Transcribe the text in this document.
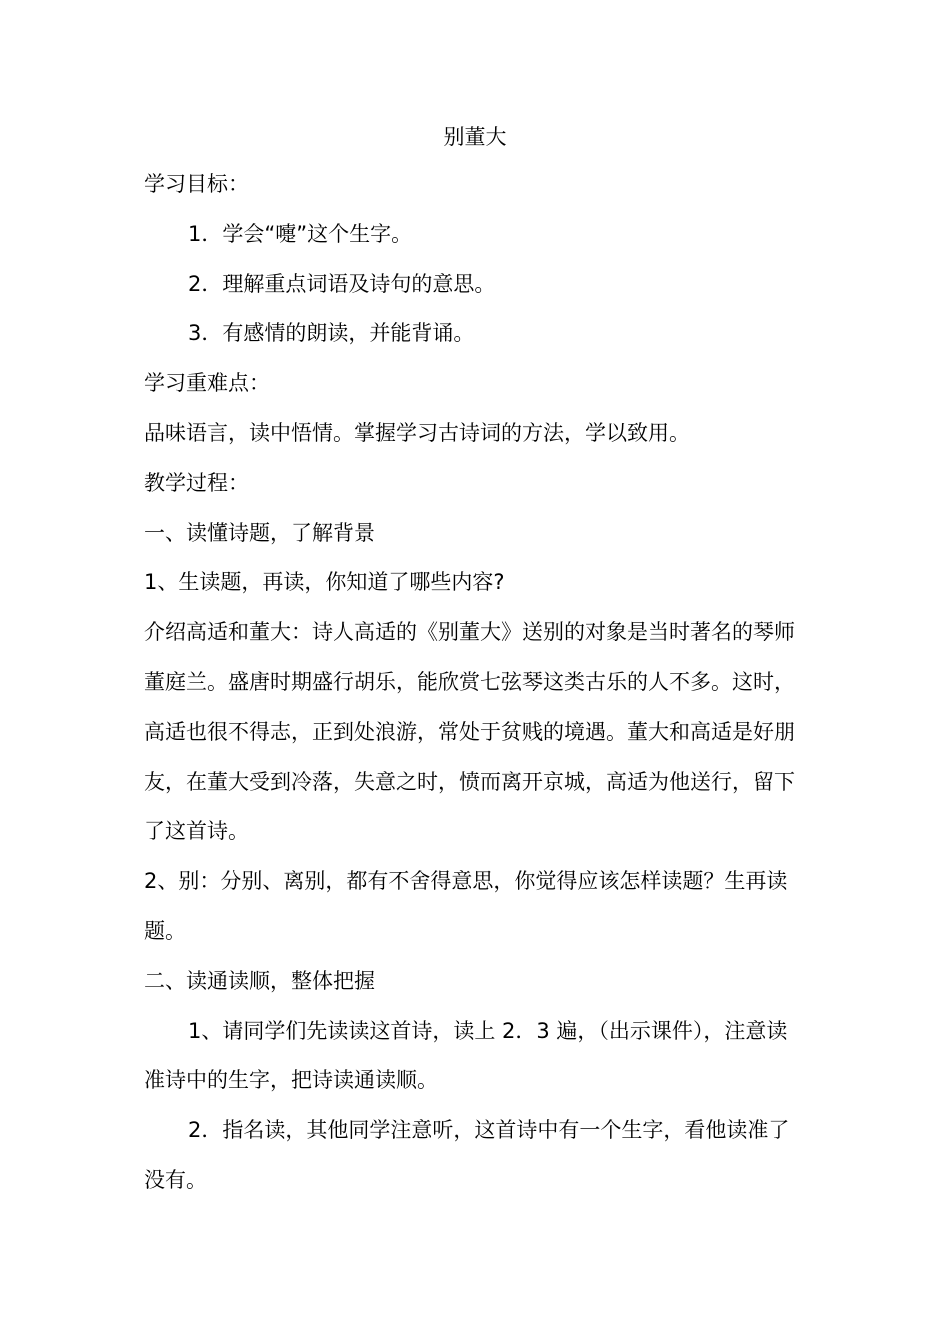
别董大

学习目标：

1．学会“嚏”这个生字。

2．理解重点词语及诗句的意思。

3．有感情的朗读，并能背诵。

学习重难点：

品味语言，读中悟情。掌握学习古诗词的方法，学以致用。

教学过程：

一、读懂诗题，了解背景

1、生读题，再读，你知道了哪些内容?

介绍高适和董大：诗人高适的《别董大》送别的对象是当时著名的琴师董庭兰。盛唐时期盛行胡乐，能欣赏七弦琴这类古乐的人不多。这时，高适也很不得志，正到处浪游，常处于贫贱的境遇。董大和高适是好朋友，在董大受到冷落，失意之时，愤而离开京城，高适为他送行，留下了这首诗。

2、别：分别、离别，都有不舍得意思，你觉得应该怎样读题？生再读题。

二、读通读顺，整体把握

1、请同学们先读读这首诗，读上 2．3 遍，（出示课件），注意读准诗中的生字，把诗读通读顺。

2．指名读，其他同学注意听，这首诗中有一个生字，看他读准了没有。
